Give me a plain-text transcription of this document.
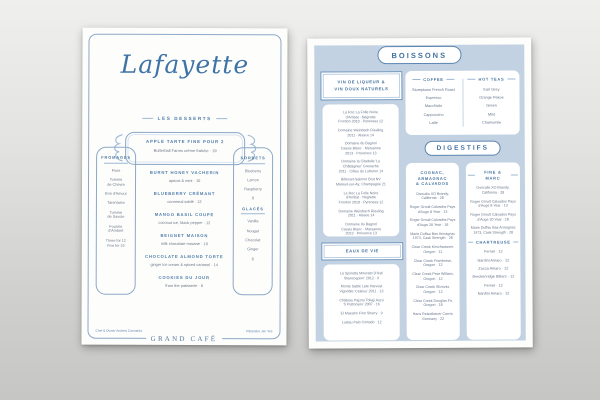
Lafayette
LES DESSERTS
APPLE TARTE FINE POUR 2
Butterball Farms crème fraîche · 19
FROMAGES
Fiore
Tomme
de Chèvre
Brin d'Amour
Tarentaise
Tomme
de Savoie
Fourme
d'Ambert
Three for 12
Five for 19
SORBETS
Blueberry
Lemon
Raspberry
8
GLACÉS
Vanilla
Nougat
Chocolat
Ginger
8
BURNT HONEY VACHERIN
apricot & mint · 10
BLUEBERRY CRÉMANT
cornmeal sablé · 12
MANGO BASIL COUPE
coconut ice, black pepper · 12
BEIGNET MAISON
milk chocolate mousse · 10
CHOCOLATE ALMOND TORTE
ginger ice cream & spiced caramel · 14
COOKIES DU JOUR
from the patisserie · 8
Chef & Owner Andrew Carmellini	Pâtissière Jen Yee
GRAND CAFÉ
BOISSONS
VIN DE LIQUEUR &
VIN DOUX NATURELS
Le Roc La Folle Noire
d'Ambat · Négrette
Fronton 2010 · Pyrenees 12
Domaine Weinbach Riesling
2011 · Alsace 14
Domaine du Bagnol
Cassis Blanc · Marsanne
2013 · Provence 13
Domaine la Citadelle 'Le
Châtaignier' Grenache
2011 · Côtes du Luberon 14
Billecart-Salmon Brut NV
Mareuil-sur-Aÿ, Champagne 21
Le Roc La Folle Noire
d'Ambat · Négrette
Fronton 2010 · Pyrenees 12
Domaine Weinbach Riesling
2011 · Alsace 14
Domaine du Bagnol
Cassis Blanc · Marsanne
2013 · Provence 13
EAUX DE VIE
La Spinetta Moscato D'Asti
'Biancospino' 2012 · 9
Monte Sablé Late Harvest
Vignoble 'Celsius' 2011 · 13
Château Pajzos Tokaji Aszú
'5 Puttonyos' 2007 · 16
El Maestro Fino Sherry · 9
Lustau Palo Cortado · 12
COFFEE
Stumptown French Roast
Espresso
Macchiato
Cappuccino
Latte
HOT TEAS
Earl Grey
Orange Pekoe
Green
Mint
Chamomile
DIGESTIFS
COGNAC, ARMAGNAC
& CALVADOS
Osocalis XO Brandy,
California · 28
Roger Groult Calvados Pays
d'Auge 8 Year · 13
Roger Groult Calvados Pays
d'Auge 20 Year · 18
Marie Duffau Bas Armagnac
1973, Cask Strength · 28
Clear Creek Kirschwasser,
Oregon · 11
Clear Creek Framboise,
Oregon · 12
Clear Creek Pear William,
Oregon · 12
Clear Creek Slivovitz,
Oregon · 12
Clear Creek Douglas Fir,
Oregon · 18
Hans Reisetbauer Carrot,
Germany · 22
FINE & MARC
Osocalis XO Brandy,
California · 28
Roger Groult Calvados Pays
d'Auge 8 Year · 13
Roger Groult Calvados Pays
d'Auge 20 Year · 18
Marie Duffau Bas Armagnac
1973, Cask Strength · 28
CHARTREUSE
Fernet · 12
Nardini Amaro · 12
Zucca Amaro · 12
Breckenridge Bitters · 12
Fernet · 12
Nardini Amaro · 12
